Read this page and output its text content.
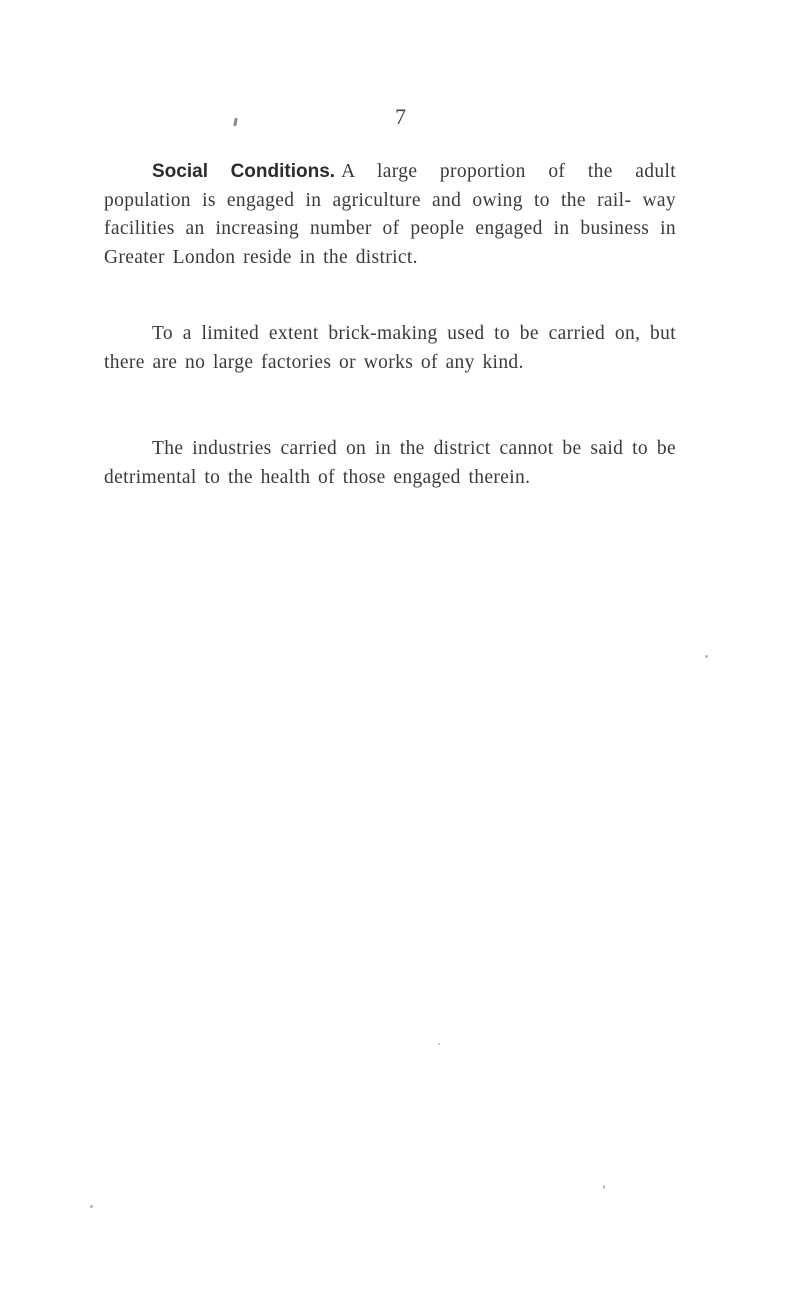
7

Social Conditions. A large proportion of the adult population is engaged in agriculture and owing to the rail- way facilities an increasing number of people engaged in business in Greater London reside in the district.

To a limited extent brick-making used to be carried on, but there are no large factories or works of any kind.

The industries carried on in the district cannot be said to be detrimental to the health of those engaged therein.
